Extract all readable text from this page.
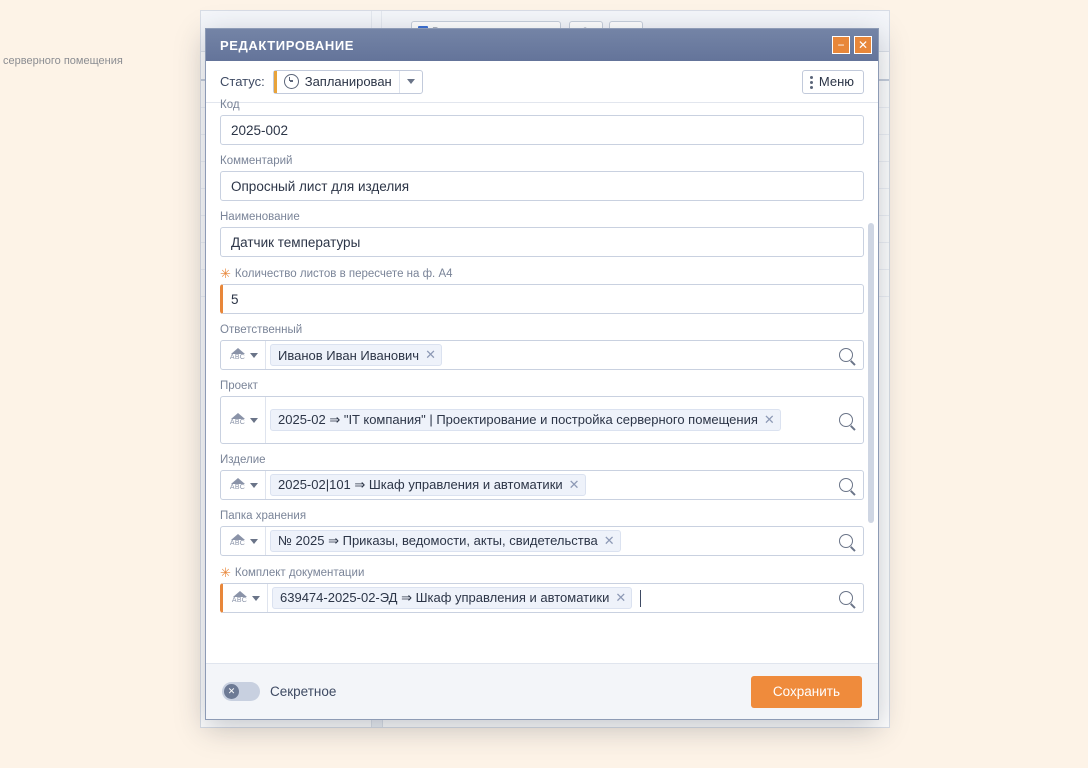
серверного помещения
РЕДАКТИРОВАНИЕ	−	✕
Статус:	Запланирован	Меню
Код
2025-002
Комментарий
Опросный лист для изделия
Наименование
Датчик температуры
✳ Количество листов в пересчете на ф. А4
5
Ответственный
ABC	Иванов Иван Иванович ✕
Проект
ABC	2025-02 ⇒ "IT компания" | Проектирование и постройка серверного помещения ✕
Изделие
ABC	2025-02|101 ⇒ Шкаф управления и автоматики ✕
Папка хранения
ABC	№ 2025 ⇒ Приказы, ведомости, акты, свидетельства ✕
✳ Комплект документации
ABC	639474-2025-02-ЭД ⇒ Шкаф управления и автоматики ✕
✕	Секретное	Сохранить
